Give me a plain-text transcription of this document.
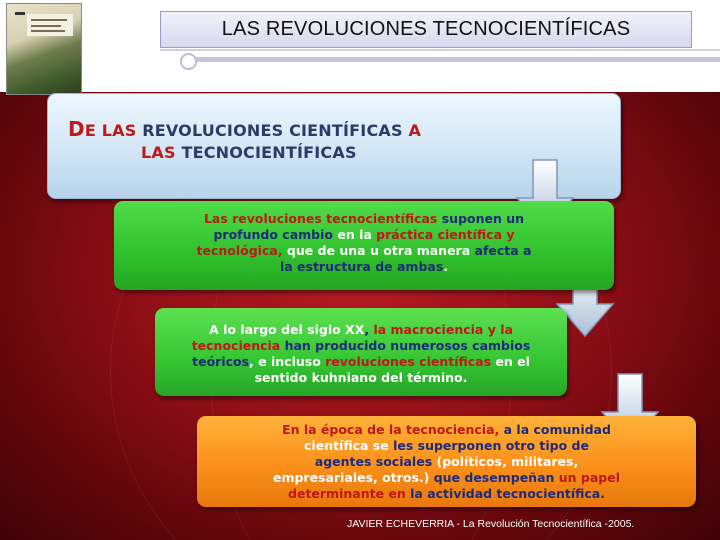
LAS REVOLUCIONES TECNOCIENTÍFICAS
DE LAS REVOLUCIONES CIENTÍFICAS A
LAS TECNOCIENTÍFICAS
Las revoluciones tecnocientíficas suponen un
profundo cambio en la práctica científica y
tecnológica, que de una u otra manera afecta a
la estructura de ambas.
A lo largo del siglo XX, la macrociencia y la
tecnociencia han producido numerosos cambios
teóricos, e incluso revoluciones científicas en el
sentido kuhniano del término.
En la época de la tecnociencia, a la comunidad
científica se les superponen otro tipo de
agentes sociales (políticos, militares,
empresariales, otros.) que desempeñan un papel
determinante en la actividad tecnocientífica.
JAVIER ECHEVERRIA - La Revolución Tecnocientífica -2005.
